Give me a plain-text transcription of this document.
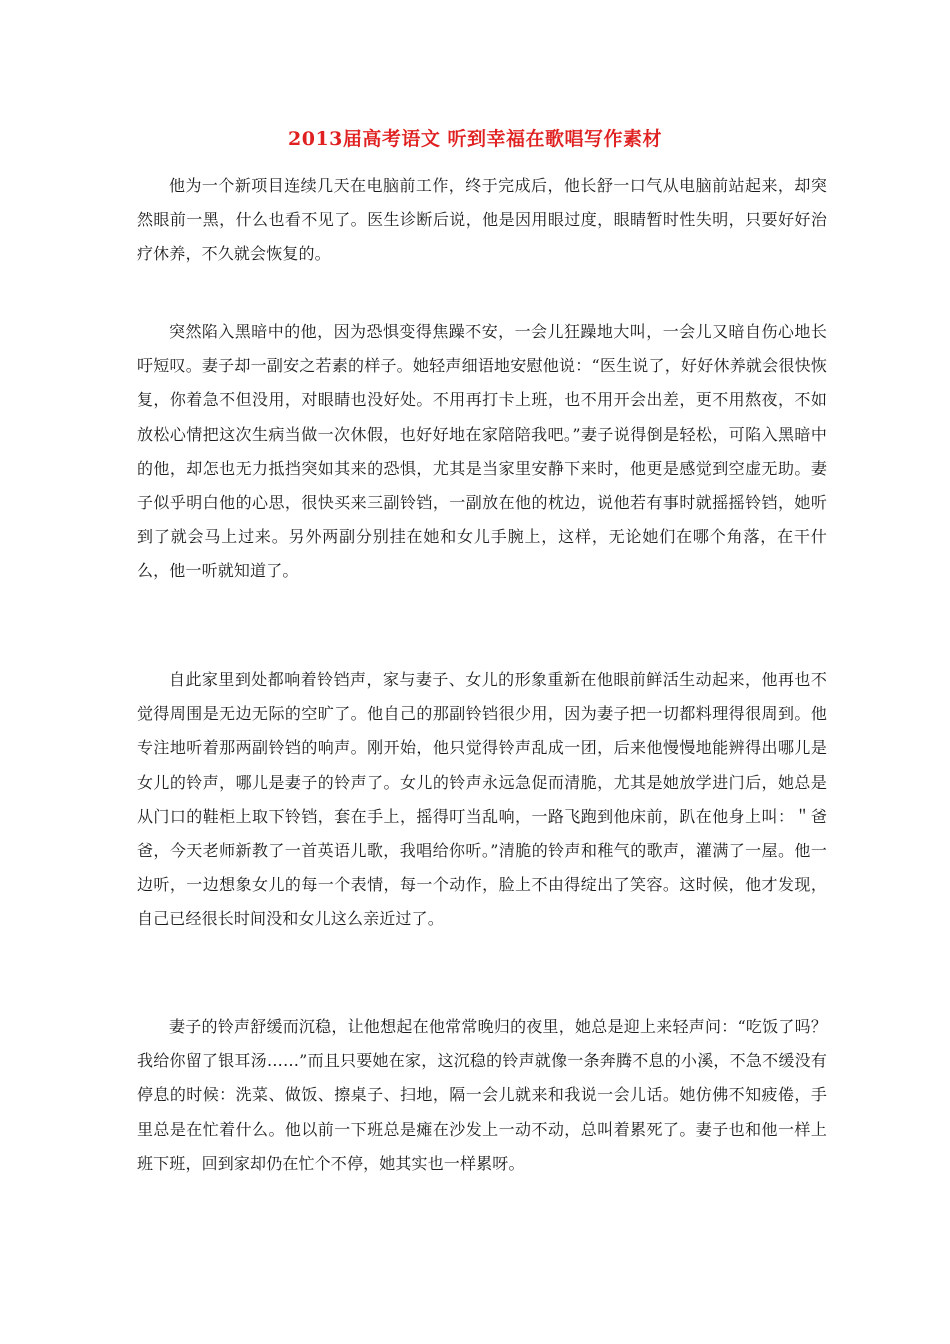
2013届高考语文 听到幸福在歌唱写作素材

他为一个新项目连续几天在电脑前工作，终于完成后，他长舒一口气从电脑前站起来，却突然眼前一黑，什么也看不见了。医生诊断后说，他是因用眼过度，眼睛暂时性失明，只要好好治疗休养，不久就会恢复的。

突然陷入黑暗中的他，因为恐惧变得焦躁不安，一会儿狂躁地大叫，一会儿又暗自伤心地长吁短叹。妻子却一副安之若素的样子。她轻声细语地安慰他说：“医生说了，好好休养就会很快恢复，你着急不但没用，对眼睛也没好处。不用再打卡上班，也不用开会出差，更不用熬夜，不如放松心情把这次生病当做一次休假，也好好地在家陪陪我吧。”妻子说得倒是轻松，可陷入黑暗中的他，却怎也无力抵挡突如其来的恐惧，尤其是当家里安静下来时，他更是感觉到空虚无助。妻子似乎明白他的心思，很快买来三副铃铛，一副放在他的枕边，说他若有事时就摇摇铃铛，她听到了就会马上过来。另外两副分别挂在她和女儿手腕上，这样，无论她们在哪个角落，在干什么，他一听就知道了。

自此家里到处都响着铃铛声，家与妻子、女儿的形象重新在他眼前鲜活生动起来，他再也不觉得周围是无边无际的空旷了。他自己的那副铃铛很少用，因为妻子把一切都料理得很周到。他专注地听着那两副铃铛的响声。刚开始，他只觉得铃声乱成一团，后来他慢慢地能辨得出哪儿是女儿的铃声，哪儿是妻子的铃声了。女儿的铃声永远急促而清脆，尤其是她放学进门后，她总是从门口的鞋柜上取下铃铛，套在手上，摇得叮当乱响，一路飞跑到他床前，趴在他身上叫：＂爸爸，今天老师新教了一首英语儿歌，我唱给你听。”清脆的铃声和稚气的歌声，灌满了一屋。他一边听，一边想象女儿的每一个表情，每一个动作，脸上不由得绽出了笑容。这时候，他才发现，自己已经很长时间没和女儿这么亲近过了。

妻子的铃声舒缓而沉稳，让他想起在他常常晚归的夜里，她总是迎上来轻声问：“吃饭了吗？我给你留了银耳汤……”而且只要她在家，这沉稳的铃声就像一条奔腾不息的小溪，不急不缓没有停息的时候：洗菜、做饭、擦桌子、扫地，隔一会儿就来和我说一会儿话。她仿佛不知疲倦，手里总是在忙着什么。他以前一下班总是瘫在沙发上一动不动，总叫着累死了。妻子也和他一样上班下班，回到家却仍在忙个不停，她其实也一样累呀。
